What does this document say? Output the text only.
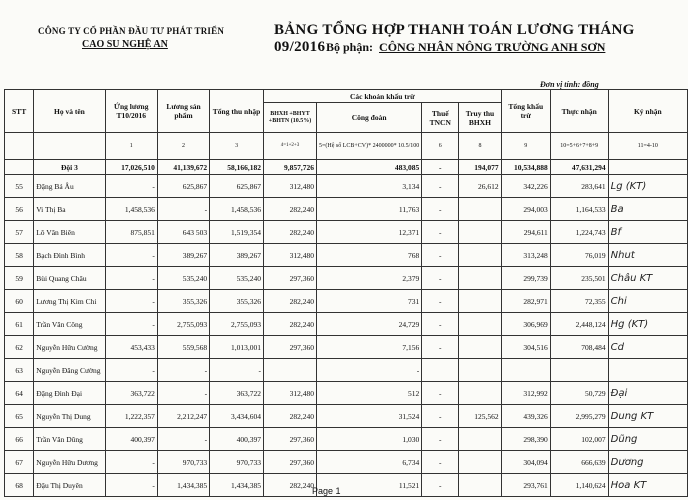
CÔNG TY CỔ PHẦN ĐẦU TƯ PHÁT TRIỂN
CAO SU NGHỆ AN
BẢNG TỔNG HỢP THANH TOÁN LƯƠNG THÁNG 09/2016 Bộ phận: CÔNG NHÂN NÔNG TRƯỜNG ANH SƠN
Đơn vị tính: đồng
STT	Họ và tên	Ứng lương T10/2016	Lương sản phẩm	Tổng thu nhập	Các khoản khấu trừ				Tổng khấu trừ	Thực nhận	Ký nhận
					BHXH +BHYT +BHTN (10.5%)	Công đoàn	Thuế TNCN	Truy thu BHXH			
		1	2	3	4=1+2+3	5=(Hệ số LCB+CV)* 2400000* 10.5/100	6	8	9	10=5+6+7+8+9	11=4-10
	Đội 3	17,026,510	41,139,672	58,166,182	9,857,726	483,085	-	194,077	10,534,888	47,631,294	
55	Đặng Bá Âu	-	625,867	625,867	312,480	3,134	-	26,612	342,226	283,641	Lg (KT)
56	Vi Thị Ba	1,458,536	-	1,458,536	282,240	11,763	-		294,003	1,164,533	Ba
57	Lô Văn Biên	875,851	643 503	1,519,354	282,240	12,371	-		294,611	1,224,743	Bf
58	Bạch Đình Bình	-	389,267	389,267	312,480	768	-		313,248	76,019	Nhut
59	Bùi Quang Châu	-	535,240	535,240	297,360	2,379	-		299,739	235,501	Châu KT
60	Lương Thị Kim Chi	-	355,326	355,326	282,240	731	-		282,971	72,355	Chi
61	Trần Văn Công	-	2,755,093	2,755,093	282,240	24,729	-		306,969	2,448,124	Hg (KT)
62	Nguyễn Hữu Cường	453,433	559,568	1,013,001	297,360	7,156	-		304,516	708,484	Cd
63	Nguyễn Đăng Cường	-	-	-		-					
64	Đặng Đình Đại	363,722	-	363,722	312,480	512	-		312,992	50,729	Đại
65	Nguyễn Thị Dung	1,222,357	2,212,247	3,434,604	282,240	31,524	-	125,562	439,326	2,995,279	Dung KT
66	Trần Văn Dũng	400,397	-	400,397	297,360	1,030	-		298,390	102,007	Dũng
67	Nguyễn Hữu Dương	-	970,733	970,733	297,360	6,734	-		304,094	666,639	Dương
68	Đậu Thị Duyên	-	1,434,385	1,434,385	282,240	11,521	-		293,761	1,140,624	Hoa KT
Page 1
